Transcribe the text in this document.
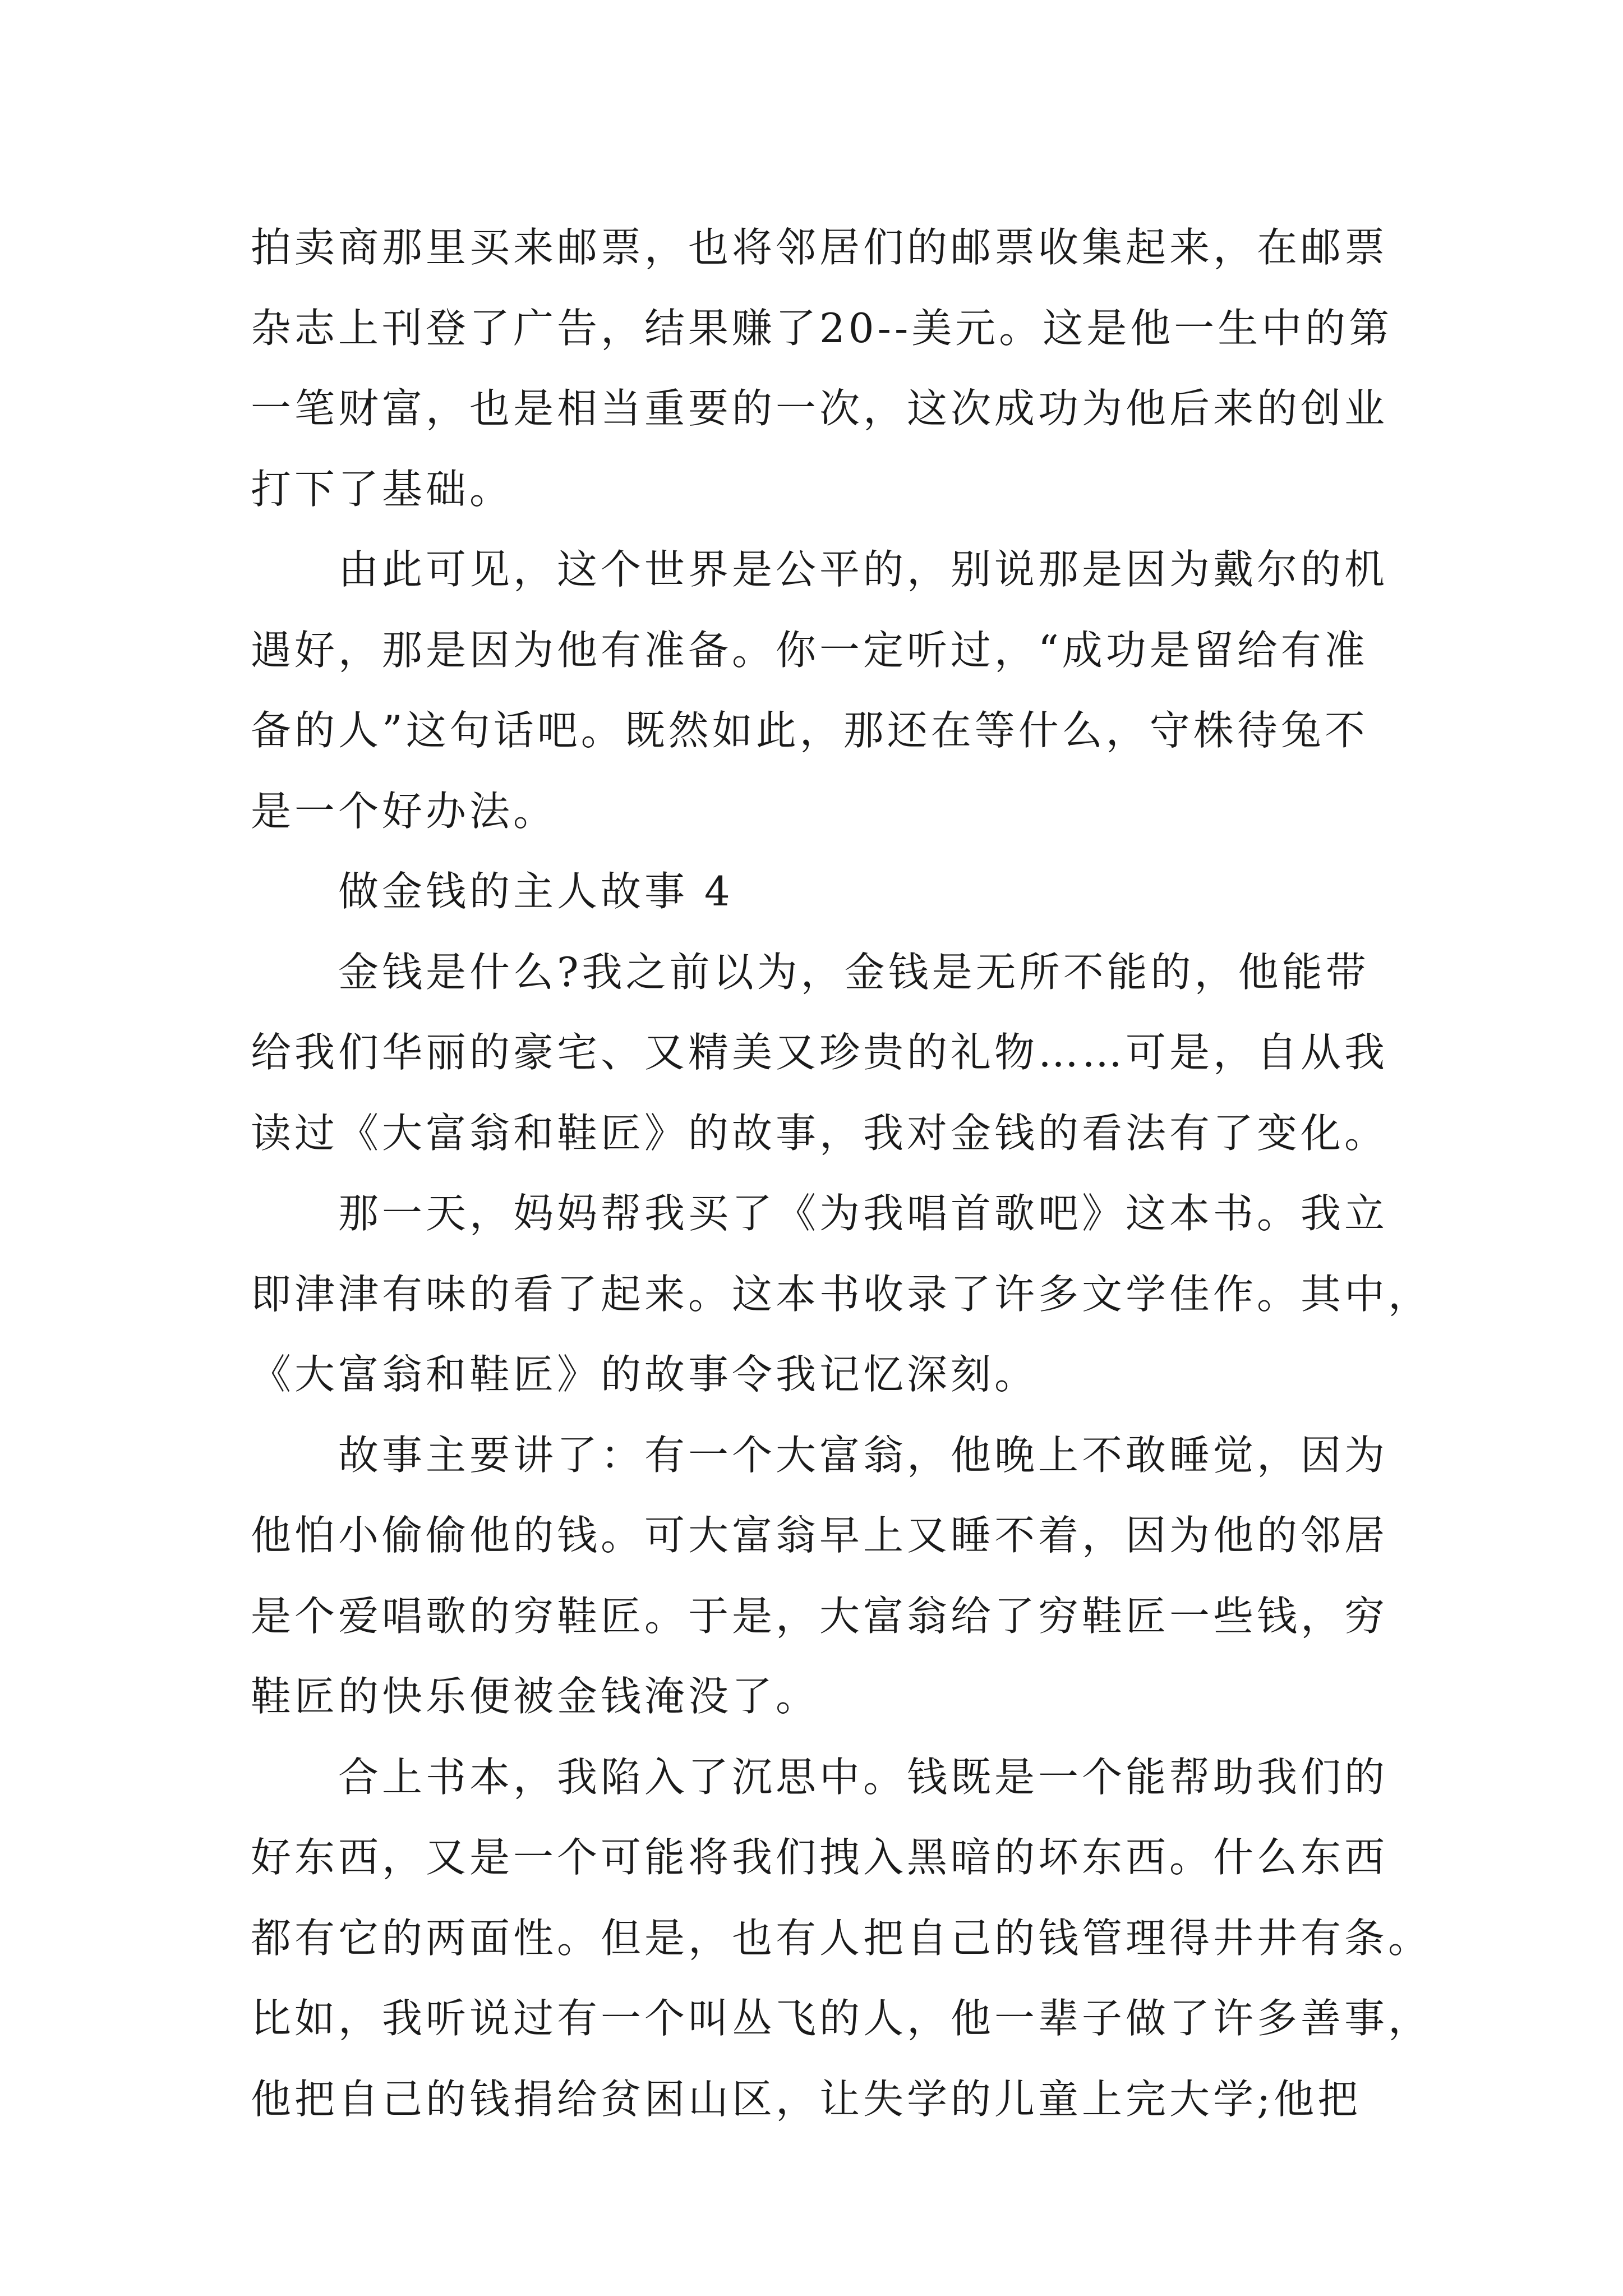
拍卖商那里买来邮票，也将邻居们的邮票收集起来，在邮票
杂志上刊登了广告，结果赚了20--美元。这是他一生中的第
一笔财富，也是相当重要的一次，这次成功为他后来的创业
打下了基础。
由此可见，这个世界是公平的，别说那是因为戴尔的机
遇好，那是因为他有准备。你一定听过，“成功是留给有准
备的人”这句话吧。既然如此，那还在等什么，守株待兔不
是一个好办法。
做金钱的主人故事 4
金钱是什么?我之前以为，金钱是无所不能的，他能带
给我们华丽的豪宅、又精美又珍贵的礼物……可是，自从我
读过《大富翁和鞋匠》的故事，我对金钱的看法有了变化。
那一天，妈妈帮我买了《为我唱首歌吧》这本书。我立
即津津有味的看了起来。这本书收录了许多文学佳作。其中，
《大富翁和鞋匠》的故事令我记忆深刻。
故事主要讲了：有一个大富翁，他晚上不敢睡觉，因为
他怕小偷偷他的钱。可大富翁早上又睡不着，因为他的邻居
是个爱唱歌的穷鞋匠。于是，大富翁给了穷鞋匠一些钱，穷
鞋匠的快乐便被金钱淹没了。
合上书本，我陷入了沉思中。钱既是一个能帮助我们的
好东西，又是一个可能将我们拽入黑暗的坏东西。什么东西
都有它的两面性。但是，也有人把自己的钱管理得井井有条。
比如，我听说过有一个叫丛飞的人，他一辈子做了许多善事，
他把自己的钱捐给贫困山区，让失学的儿童上完大学;他把
